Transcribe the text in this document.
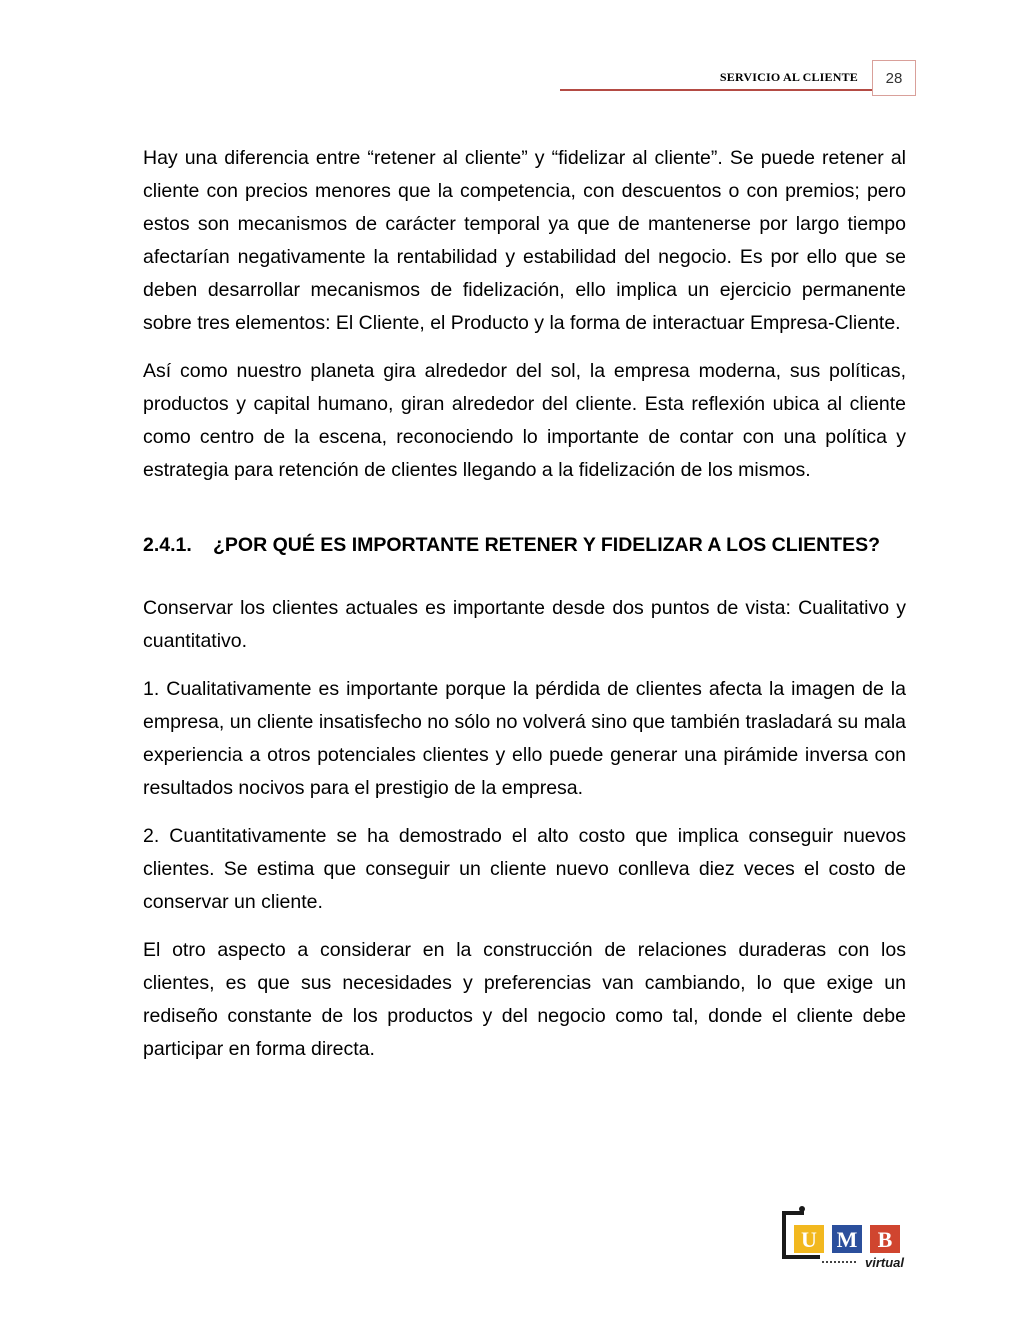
SERVICIO AL CLIENTE 28

Hay una diferencia entre “retener al cliente” y “fidelizar al cliente”. Se puede retener al cliente con precios menores que la competencia, con descuentos o con premios; pero estos son mecanismos de carácter temporal ya que de mantenerse por largo tiempo afectarían negativamente la rentabilidad y estabilidad del negocio. Es por ello que se deben desarrollar mecanismos de fidelización, ello implica un ejercicio permanente sobre tres elementos: El Cliente, el Producto y la forma de interactuar Empresa-Cliente.

Así como nuestro planeta gira alrededor del sol, la empresa moderna, sus políticas, productos y capital humano, giran alrededor del cliente. Esta reflexión ubica al cliente como centro de la escena, reconociendo lo importante de contar con una política y estrategia para retención de clientes llegando a la fidelización de los mismos.

2.4.1. ¿POR QUÉ ES IMPORTANTE RETENER Y FIDELIZAR A LOS CLIENTES?

Conservar los clientes actuales es importante desde dos puntos de vista: Cualitativo y cuantitativo.

1. Cualitativamente es importante porque la pérdida de clientes afecta la imagen de la empresa, un cliente insatisfecho no sólo no volverá sino que también trasladará su mala experiencia a otros potenciales clientes y ello puede generar una pirámide inversa con resultados nocivos para el prestigio de la empresa.

2. Cuantitativamente se ha demostrado el alto costo que implica conseguir nuevos clientes. Se estima que conseguir un cliente nuevo conlleva diez veces el costo de conservar un cliente.

El otro aspecto a considerar en la construcción de relaciones duraderas con los clientes, es que sus necesidades y preferencias van cambiando, lo que exige un rediseño constante de los productos y del negocio como tal, donde el cliente debe participar en forma directa.

U M B
virtual
